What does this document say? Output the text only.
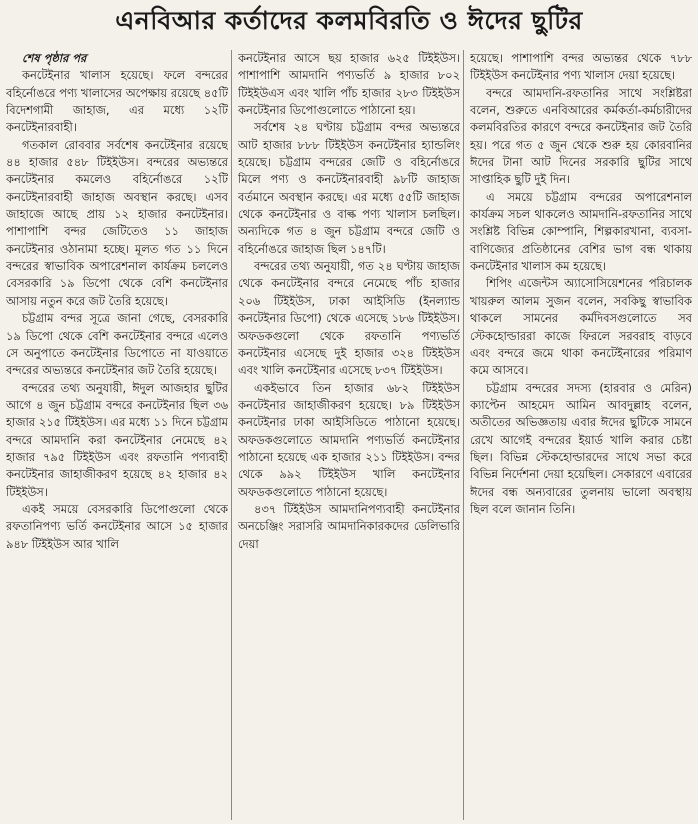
এনবিআর কর্তাদের কলমবিরতি ও ঈদের ছুটির
শেষ পৃষ্ঠার পর

কনটেইনার খালাস হয়েছে। ফলে বন্দরের বহির্নোঙরে পণ্য খালাসের অপেক্ষায় রয়েছে ৪৫টি বিদেশগামী জাহাজ, এর মধ্যে ১২টি কনটেইনারবাহী।

গতকাল রোববার সর্বশেষ কনটেইনার রয়েছে ৪৪ হাজার ৫৪৮ টিইইউস। বন্দরের অভ্যন্তরে কনটেইনার কমলেও বহির্নোঙরে ১২টি কনটেইনারবাহী জাহাজ অবস্থান করছে। এসব জাহাজে আছে প্রায় ১২ হাজার কনটেইনার। পাশাপাশি বন্দর জেটিতেও ১১ জাহাজ কনটেইনার ওঠানামা হচ্ছে। মূলত গত ১১ দিনে বন্দরের স্বাভাবিক অপারেশনাল কার্যক্রম চললেও বেসরকারি ১৯ ডিপো থেকে বেশি কনটেইনার আসায় নতুন করে জট তৈরি হয়েছে।

চট্টগ্রাম বন্দর সূত্রে জানা গেছে, বেসরকারি ১৯ ডিপো থেকে বেশি কনটেইনার বন্দরে এলেও সে অনুপাতে কনটেইনার ডিপোতে না যাওয়াতে বন্দরের অভ্যন্তরে কনটেইনার জট তৈরি হয়েছে।

বন্দরের তথ্য অনুযায়ী, ঈদুল আজহার ছুটির আগে ৪ জুন চট্টগ্রাম বন্দরে কনটেইনার ছিল ৩৬ হাজার ২১৫ টিইইউস। এর মধ্যে ১১ দিনে চট্টগ্রাম বন্দরে আমদানি করা কনটেইনার নেমেছে ৪২ হাজার ৭৯৫ টিইইউস এবং রফতানি পণ্যবাহী কনটেইনার জাহাজীকরণ হয়েছে ৪২ হাজার ৪২ টিইইউস।

একই সময়ে বেসরকারি ডিপোগুলো থেকে রফতানিপণ্য ভর্তি কনটেইনার আসে ১৫ হাজার ৯৪৮ টিইইউস আর খালি

কনটেইনার আসে ছয় হাজার ৬২৫ টিইইউস। পাশাপাশি আমদানি পণ্যভর্তি ৯ হাজার ৮০২ টিইইউএস এবং খালি পাঁচ হাজার ২৮৩ টিইইউস কনটেইনার ডিপোগুলোতে পাঠানো হয়।

সর্বশেষ ২৪ ঘণ্টায় চট্টগ্রাম বন্দর অভ্যন্তরে আট হাজার ৮৮৮ টিইইউস কনটেইনার হ্যান্ডলিং হয়েছে। চট্টগ্রাম বন্দরের জেটি ও বহির্নোঙরে মিলে পণ্য ও কনটেইনারবাহী ৯৮টি জাহাজ বর্তমানে অবস্থান করছে। এর মধ্যে ৫৫টি জাহাজ থেকে কনটেইনার ও বাল্ক পণ্য খালাস চলছিল। অন্যদিকে গত ৪ জুন চট্টগ্রাম বন্দরে জেটি ও বহির্নোঙরে জাহাজ ছিল ১৪৭টি।

বন্দরের তথ্য অনুযায়ী, গত ২৪ ঘণ্টায় জাহাজ থেকে কনটেইনার বন্দরে নেমেছে পাঁচ হাজার ২০৬ টিইইউস, ঢাকা আইসিডি (ইনল্যান্ড কনটেইনার ডিপো) থেকে এসেছে ১৮৬ টিইইউস। অফডকগুলো থেকে রফতানি পণ্যভর্তি কনটেইনার এসেছে দুই হাজার ৩২৪ টিইইউস এবং খালি কনটেইনার এসেছে ৮৩৭ টিইইউস।

একইভাবে তিন হাজার ৬৮২ টিইইউস কনটেইনার জাহাজীকরণ হয়েছে। ৮৯ টিইইউস কনটেইনার ঢাকা আইসিডিতে পাঠানো হয়েছে। অফডকগুলোতে আমদানি পণ্যভর্তি কনটেইনার পাঠানো হয়েছে এক হাজার ২১১ টিইইউস। বন্দর থেকে ৯৯২ টিইইউস খালি কনটেইনার অফডকগুলোতে পাঠানো হয়েছে।

৪৩৭ টিইইউস আমদানিপণ্যবাহী কনটেইনার অনচেঞ্জিং সরাসরি আমদানিকারকদের ডেলিভারি দেয়া

হয়েছে। পাশাপাশি বন্দর অভ্যন্তর থেকে ৭৮৮ টিইইউস কনটেইনার পণ্য খালাস দেয়া হয়েছে।

বন্দরে আমদানি-রফতানির সাথে সংশ্লিষ্টরা বলেন, শুরুতে এনবিআরের কর্মকর্তা-কর্মচারীদের কলমবিরতির কারণে বন্দরে কনটেইনার জট তৈরি হয়। পরে গত ৫ জুন থেকে শুরু হয় কোরবানির ঈদের টানা আট দিনের সরকারি ছুটির সাথে সাপ্তাহিক ছুটি দুই দিন।

এ সময়ে চট্টগ্রাম বন্দরের অপারেশনাল কার্যক্রম সচল থাকলেও আমদানি-রফতানির সাথে সংশ্লিষ্ট বিভিন্ন কোম্পানি, শিল্পকারখানা, ব্যবসা-বাণিজ্যের প্রতিষ্ঠানের বেশির ভাগ বন্ধ থাকায় কনটেইনার খালাস কম হয়েছে।

শিপিং এজেন্টস অ্যাসোসিয়েশনের পরিচালক খায়রুল আলম সুজন বলেন, সবকিছু স্বাভাবিক থাকলে সামনের কর্মদিবসগুলোতে সব স্টেকহোল্ডাররা কাজে ফিরলে সরবরাহ বাড়বে এবং বন্দরে জমে থাকা কনটেইনারের পরিমাণ কমে আসবে।

চট্টগ্রাম বন্দরের সদস্য (হারবার ও মেরিন) ক্যাপ্টেন আহমেদ আমিন আবদুল্লাহ বলেন, অতীতের অভিজ্ঞতায় এবার ঈদের ছুটিকে সামনে রেখে আগেই বন্দরের ইয়ার্ড খালি করার চেষ্টা ছিল। বিভিন্ন স্টেকহোল্ডারদের সাথে সভা করে বিভিন্ন নির্দেশনা দেয়া হয়েছিল। সেকারণে এবারের ঈদের বন্ধ অন্যবারের তুলনায় ভালো অবস্থায় ছিল বলে জানান তিনি।
